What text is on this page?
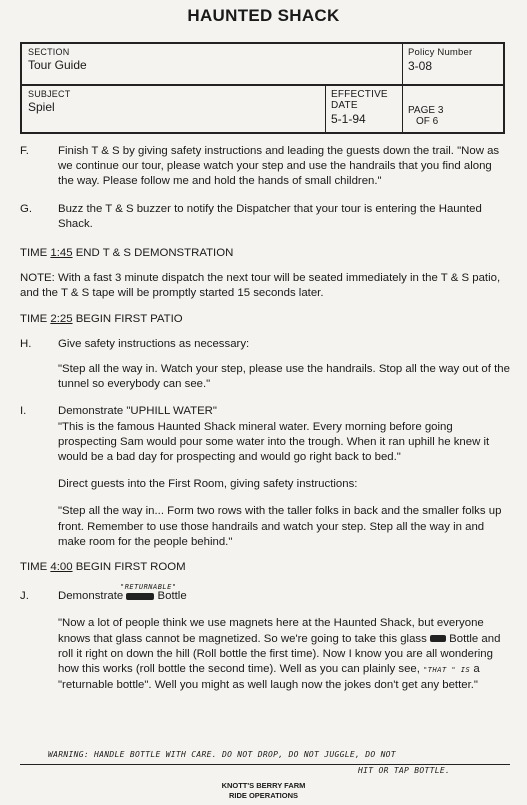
HAUNTED SHACK
SECTION
Tour Guide
Policy Number
3-08
SUBJECT
Spiel
EFFECTIVE
DATE
5-1-94
PAGE 3
OF 6
F.	Finish T & S by giving safety instructions and leading the guests down the trail. "Now as we continue our tour, please watch your step and use the handrails that you find along the way. Please follow me and hold the hands of small children."
G. Buzz the T & S buzzer to notify the Dispatcher that your tour is entering the Haunted Shack.
TIME 1:45 END T & S DEMONSTRATION
NOTE: With a fast 3 minute dispatch the next tour will be seated immediately in the T & S patio, and the T & S tape will be promptly started 15 seconds later.
TIME 2:25 BEGIN FIRST PATIO
H. Give safety instructions as necessary:
"Step all the way in. Watch your step, please use the handrails. Stop all the way out of the tunnel so everybody can see."
I.	Demonstrate "UPHILL WATER"
"This is the famous Haunted Shack mineral water. Every morning before going prospecting Sam would pour some water into the trough. When it ran uphill he knew it would be a bad day for prospecting and would go right back to bed."
Direct guests into the First Room, giving safety instructions:
"Step all the way in... Form two rows with the taller folks in back and the smaller folks up front. Remember to use those handrails and watch your step. Step all the way in and make room for the people behind."
TIME 4:00 BEGIN FIRST ROOM
J.
"RETURNABLE"
Demonstrate  Bottle
"Now a lot of people think we use magnets here at the Haunted Shack, but everyone knows that glass cannot be magnetized. So we're going to take this glass  Bottle and roll it right on down the hill (Roll bottle the first time). Now I know you are all wondering how this works (roll bottle the second time). Well as you can plainly see, "THAT " IS a "returnable bottle". Well you might as well laugh now the jokes don't get any better."
WARNING: HANDLE BOTTLE WITH CARE. DO NOT DROP, DO NOT JUGGLE, DO NOT
HIT OR TAP BOTTLE.
KNOTT'S BERRY FARM
RIDE OPERATIONS
